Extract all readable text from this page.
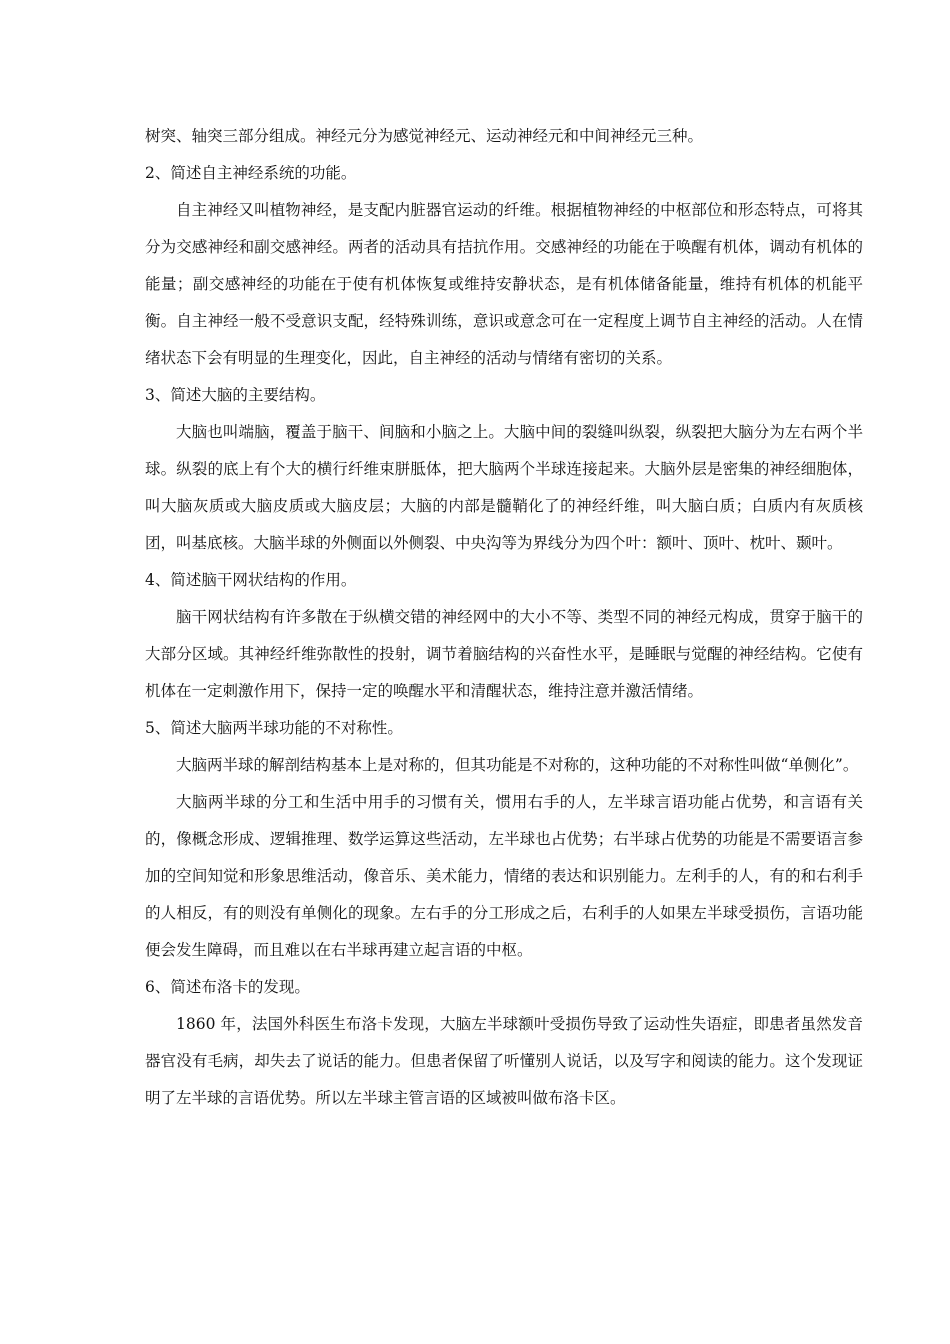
树突、轴突三部分组成。神经元分为感觉神经元、运动神经元和中间神经元三种。

2、简述自主神经系统的功能。

自主神经又叫植物神经，是支配内脏器官运动的纤维。根据植物神经的中枢部位和形态特点，可将其分为交感神经和副交感神经。两者的活动具有拮抗作用。交感神经的功能在于唤醒有机体，调动有机体的能量；副交感神经的功能在于使有机体恢复或维持安静状态，是有机体储备能量，维持有机体的机能平衡。自主神经一般不受意识支配，经特殊训练，意识或意念可在一定程度上调节自主神经的活动。人在情绪状态下会有明显的生理变化，因此，自主神经的活动与情绪有密切的关系。

3、简述大脑的主要结构。

大脑也叫端脑，覆盖于脑干、间脑和小脑之上。大脑中间的裂缝叫纵裂，纵裂把大脑分为左右两个半球。纵裂的底上有个大的横行纤维束胼胝体，把大脑两个半球连接起来。大脑外层是密集的神经细胞体，叫大脑灰质或大脑皮质或大脑皮层；大脑的内部是髓鞘化了的神经纤维，叫大脑白质；白质内有灰质核团，叫基底核。大脑半球的外侧面以外侧裂、中央沟等为界线分为四个叶：额叶、顶叶、枕叶、颞叶。

4、简述脑干网状结构的作用。

脑干网状结构有许多散在于纵横交错的神经网中的大小不等、类型不同的神经元构成，贯穿于脑干的大部分区域。其神经纤维弥散性的投射，调节着脑结构的兴奋性水平，是睡眠与觉醒的神经结构。它使有机体在一定刺激作用下，保持一定的唤醒水平和清醒状态，维持注意并激活情绪。

5、简述大脑两半球功能的不对称性。

大脑两半球的解剖结构基本上是对称的，但其功能是不对称的，这种功能的不对称性叫做“单侧化”。

大脑两半球的分工和生活中用手的习惯有关，惯用右手的人，左半球言语功能占优势，和言语有关的，像概念形成、逻辑推理、数学运算这些活动，左半球也占优势；右半球占优势的功能是不需要语言参加的空间知觉和形象思维活动，像音乐、美术能力，情绪的表达和识别能力。左利手的人，有的和右利手的人相反，有的则没有单侧化的现象。左右手的分工形成之后，右利手的人如果左半球受损伤，言语功能便会发生障碍，而且难以在右半球再建立起言语的中枢。

6、简述布洛卡的发现。

1860 年，法国外科医生布洛卡发现，大脑左半球额叶受损伤导致了运动性失语症，即患者虽然发音器官没有毛病，却失去了说话的能力。但患者保留了听懂别人说话，以及写字和阅读的能力。这个发现证明了左半球的言语优势。所以左半球主管言语的区域被叫做布洛卡区。
